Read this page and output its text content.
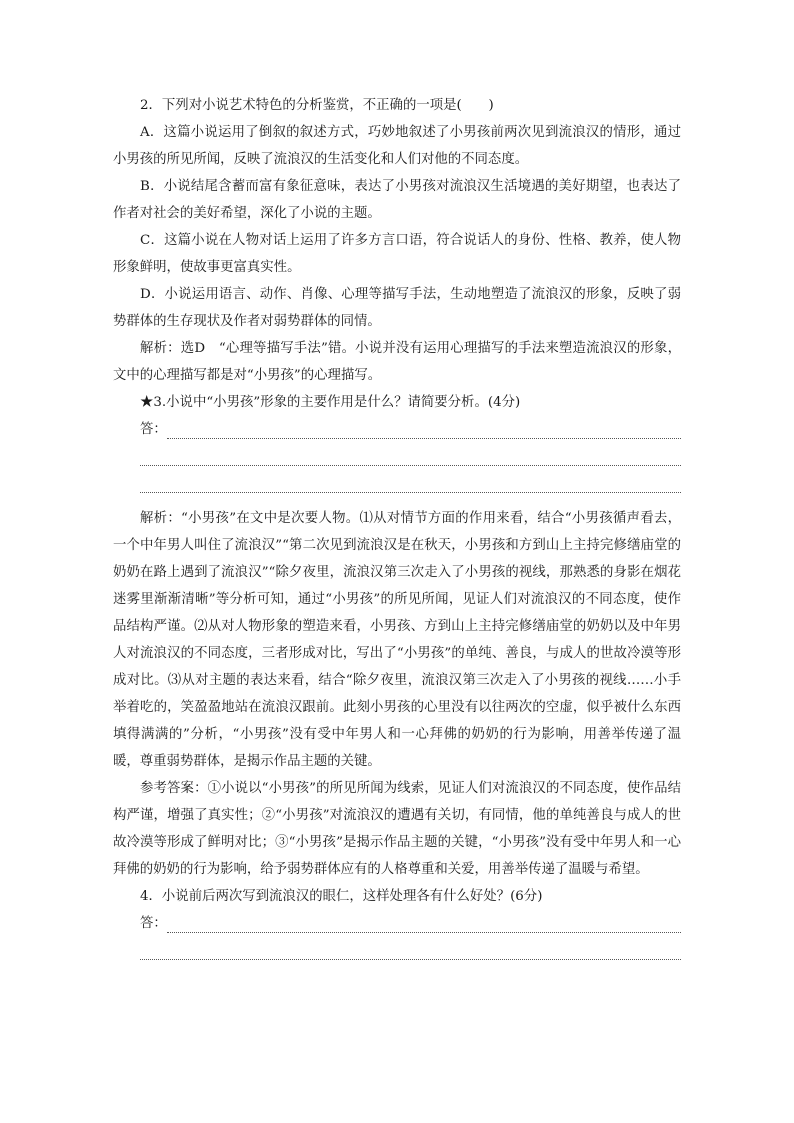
2．下列对小说艺术特色的分析鉴赏，不正确的一项是(　　)

A．这篇小说运用了倒叙的叙述方式，巧妙地叙述了小男孩前两次见到流浪汉的情形，通过小男孩的所见所闻，反映了流浪汉的生活变化和人们对他的不同态度。

B．小说结尾含蓄而富有象征意味，表达了小男孩对流浪汉生活境遇的美好期望，也表达了作者对社会的美好希望，深化了小说的主题。

C．这篇小说在人物对话上运用了许多方言口语，符合说话人的身份、性格、教养，使人物形象鲜明，使故事更富真实性。

D．小说运用语言、动作、肖像、心理等描写手法，生动地塑造了流浪汉的形象，反映了弱势群体的生存现状及作者对弱势群体的同情。

解析：选D　“心理等描写手法”错。小说并没有运用心理描写的手法来塑造流浪汉的形象，文中的心理描写都是对“小男孩”的心理描写。

★3.小说中“小男孩”形象的主要作用是什么？请简要分析。(4分)

答：

解析：“小男孩”在文中是次要人物。⑴从对情节方面的作用来看，结合“小男孩循声看去，一个中年男人叫住了流浪汉”“第二次见到流浪汉是在秋天，小男孩和方到山上主持完修缮庙堂的奶奶在路上遇到了流浪汉”“除夕夜里，流浪汉第三次走入了小男孩的视线，那熟悉的身影在烟花迷雾里渐渐清晰”等分析可知，通过“小男孩”的所见所闻，见证人们对流浪汉的不同态度，使作品结构严谨。⑵从对人物形象的塑造来看，小男孩、方到山上主持完修缮庙堂的奶奶以及中年男人对流浪汉的不同态度，三者形成对比，写出了“小男孩”的单纯、善良，与成人的世故冷漠等形成对比。⑶从对主题的表达来看，结合“除夕夜里，流浪汉第三次走入了小男孩的视线……小手举着吃的，笑盈盈地站在流浪汉跟前。此刻小男孩的心里没有以往两次的空虚，似乎被什么东西填得满满的”分析，“小男孩”没有受中年男人和一心拜佛的奶奶的行为影响，用善举传递了温暖，尊重弱势群体，是揭示作品主题的关键。

参考答案：①小说以“小男孩”的所见所闻为线索，见证人们对流浪汉的不同态度，使作品结构严谨，增强了真实性；②“小男孩”对流浪汉的遭遇有关切，有同情，他的单纯善良与成人的世故冷漠等形成了鲜明对比；③“小男孩”是揭示作品主题的关键，“小男孩”没有受中年男人和一心拜佛的奶奶的行为影响，给予弱势群体应有的人格尊重和关爱，用善举传递了温暖与希望。

4．小说前后两次写到流浪汉的眼仁，这样处理各有什么好处？(6分)

答：
